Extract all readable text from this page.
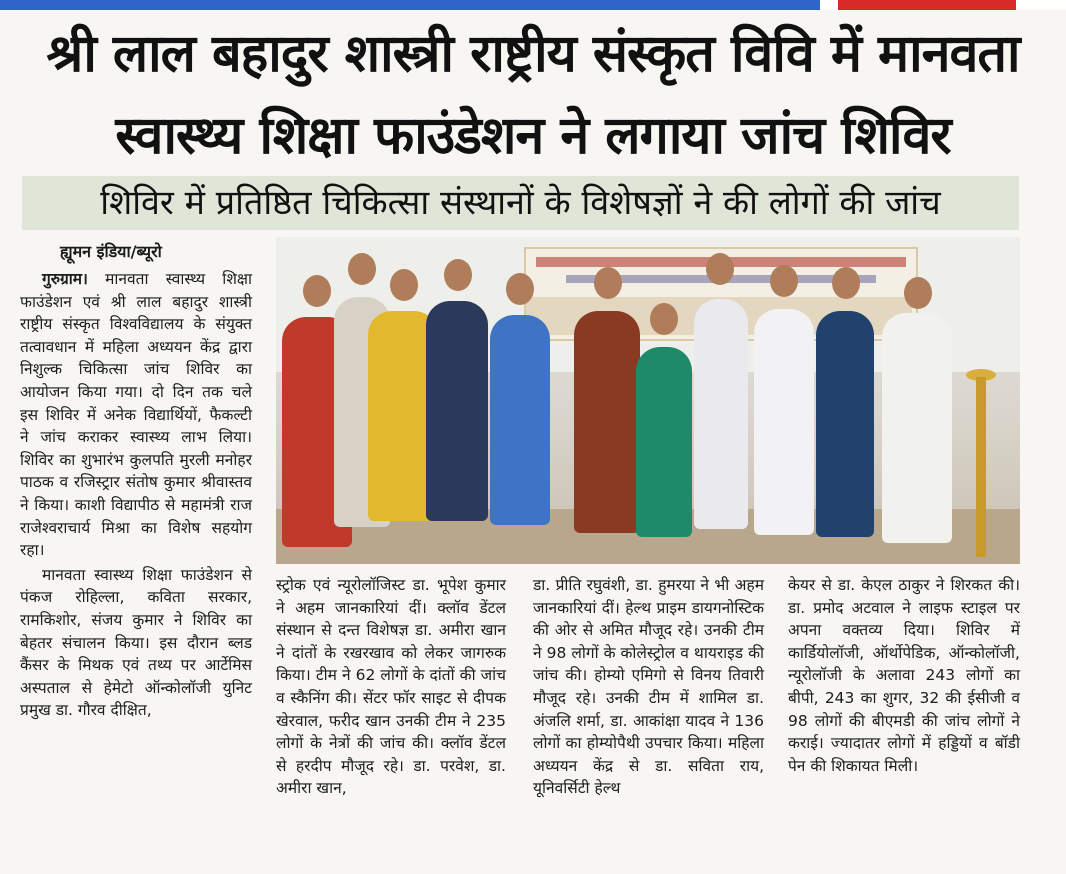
श्री लाल बहादुर शास्त्री राष्ट्रीय संस्कृत विवि में मानवता
स्वास्थ्य शिक्षा फाउंडेशन ने लगाया जांच शिविर
शिविर में प्रतिष्ठित चिकित्सा संस्थानों के विशेषज्ञों ने की लोगों की जांच
ह्यूमन इंडिया/ब्यूरो

गुरुग्राम। मानवता स्वास्थ्य शिक्षा फाउंडेशन एवं श्री लाल बहादुर शास्त्री राष्ट्रीय संस्कृत विश्वविद्यालय के संयुक्त तत्वावधान में महिला अध्ययन केंद्र द्वारा निशुल्क चिकित्सा जांच शिविर का आयोजन किया गया। दो दिन तक चले इस शिविर में अनेक विद्यार्थियों, फैकल्टी ने जांच कराकर स्वास्थ्य लाभ लिया। शिविर का शुभारंभ कुलपति मुरली मनोहर पाठक व रजिस्ट्रार संतोष कुमार श्रीवास्तव ने किया। काशी विद्यापीठ से महामंत्री राज राजेश्वराचार्य मिश्रा का विशेष सहयोग रहा।

मानवता स्वास्थ्य शिक्षा फाउंडेशन से पंकज रोहिल्ला, कविता सरकार, रामकिशोर, संजय कुमार ने शिविर का बेहतर संचालन किया। इस दौरान ब्लड कैंसर के मिथक एवं तथ्य पर आर्टेमिस अस्पताल से हेमेटो ऑन्कोलॉजी युनिट प्रमुख डा. गौरव दीक्षित,

स्ट्रोक एवं न्यूरोलॉजिस्ट डा. भूपेश कुमार ने अहम जानकारियां दीं। क्लॉव डेंटल संस्थान से दन्त विशेषज्ञ डा. अमीरा खान ने दांतों के रखरखाव को लेकर जागरुक किया। टीम ने 62 लोगों के दांतों की जांच व स्कैनिंग की। सेंटर फॉर साइट से दीपक खेरवाल, फरीद खान उनकी टीम ने 235 लोगों के नेत्रों की जांच की। क्लॉव डेंटल से हरदीप मौजूद रहे। डा. परवेश, डा. अमीरा खान,

डा. प्रीति रघुवंशी, डा. हुमरया ने भी अहम जानकारियां दीं। हेल्थ प्राइम डायगनोस्टिक की ओर से अमित मौजूद रहे। उनकी टीम ने 98 लोगों के कोलेस्ट्रोल व थायराइड की जांच की। होम्यो एमिगो से विनय तिवारी मौजूद रहे। उनकी टीम में शामिल डा. अंजलि शर्मा, डा. आकांक्षा यादव ने 136 लोगों का होम्योपैथी उपचार किया। महिला अध्ययन केंद्र से डा. सविता राय, यूनिवर्सिटी हेल्थ

केयर से डा. केएल ठाकुर ने शिरकत की। डा. प्रमोद अटवाल ने लाइफ स्टाइल पर अपना वक्तव्य दिया। शिविर में कार्डियोलॉजी, ऑर्थोपेडिक, ऑन्कोलॉजी, न्यूरोलॉजी के अलावा 243 लोगों का बीपी, 243 का शुगर, 32 की ईसीजी व 98 लोगों की बीएमडी की जांच लोगों ने कराई। ज्यादातर लोगों में हड्डियों व बॉडी पेन की शिकायत मिली।
